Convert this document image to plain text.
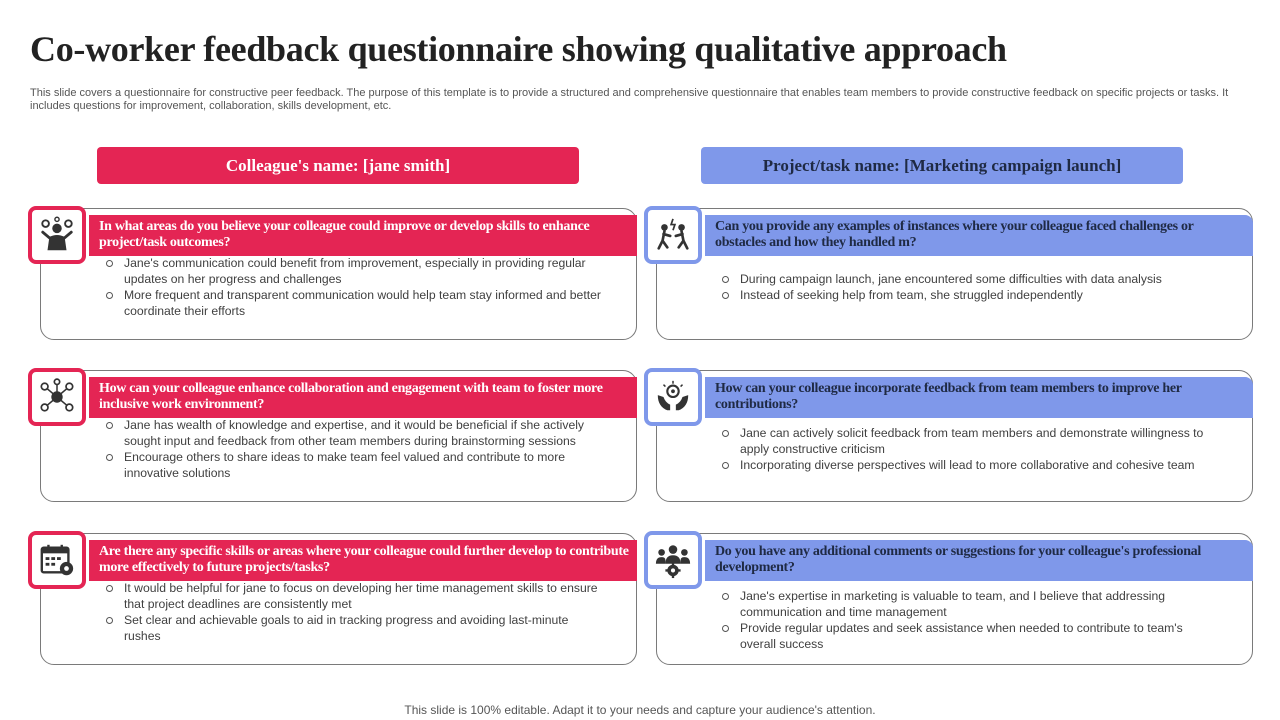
Co-worker feedback questionnaire showing qualitative approach
This slide covers a questionnaire for constructive peer feedback. The purpose of this template is to provide a structured and comprehensive questionnaire that enables team members to provide constructive feedback on specific projects or tasks. It includes questions for improvement, collaboration, skills development, etc.
Colleague's name: [jane smith]	Project/task name: [Marketing campaign launch]
In what areas do you believe your colleague could improve or develop skills to enhance project/task outcomes?
Jane's communication could benefit from improvement, especially in providing regular updates on her progress and challenges
More frequent and transparent communication would help team stay informed and better coordinate their efforts
How can your colleague enhance collaboration and engagement with team to foster more inclusive work environment?
Jane has wealth of knowledge and expertise, and it would be beneficial if she actively sought input and feedback from other team members during brainstorming sessions
Encourage others to share ideas to make team feel valued and contribute to more innovative solutions
Are there any specific skills or areas where your colleague could further develop to contribute more effectively to future projects/tasks?
It would be helpful for jane to focus on developing her time management skills to ensure that project deadlines are consistently met
Set clear and achievable goals to aid in tracking progress and avoiding last-minute rushes
Can you provide any examples of instances where your colleague faced challenges or obstacles and how they handled m?
During campaign launch, jane encountered some difficulties with data analysis
Instead of seeking help from team, she struggled independently
How can your colleague incorporate feedback from team members to improve her contributions?
Jane can actively solicit feedback from team members and demonstrate willingness to apply constructive criticism
Incorporating diverse perspectives will lead to more collaborative and cohesive team
Do you have any additional comments or suggestions for your colleague's professional development?
Jane's expertise in marketing is valuable to team, and I believe that addressing communication and time management
Provide regular updates and seek assistance when needed to contribute to team's overall success
This slide is 100% editable. Adapt it to your needs and capture your audience's attention.
